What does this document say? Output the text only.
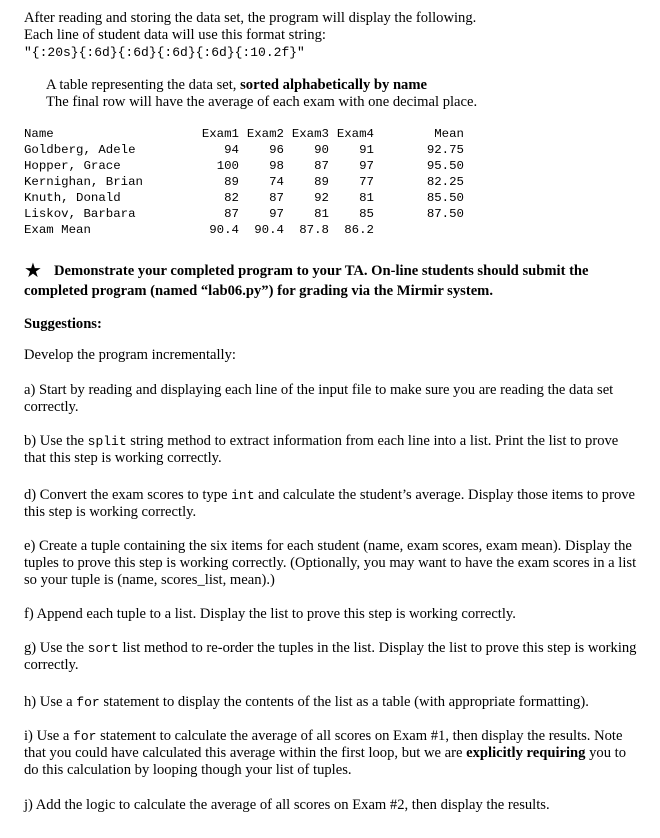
After reading and storing the data set, the program will display the following.
Each line of student data will use this format string:
"{:20s}{:6d}{:6d}{:6d}{:6d}{:10.2f}"
A table representing the data set, sorted alphabetically by name
The final row will have the average of each exam with one decimal place.
Name	Exam1	Exam2	Exam3	Exam4	Mean
Goldberg, Adele	94	96	90	91	92.75
Hopper, Grace	100	98	87	97	95.50
Kernighan, Brian	89	74	89	77	82.25
Knuth, Donald	82	87	92	81	85.50
Liskov, Barbara	87	97	81	85	87.50
Exam Mean	90.4	90.4	87.8	86.2	
★ Demonstrate your completed program to your TA. On-line students should submit the
completed program (named “lab06.py”) for grading via the Mirmir system.
Suggestions:
Develop the program incrementally:
a) Start by reading and displaying each line of the input file to make sure you are reading the data set correctly.
b) Use the split string method to extract information from each line into a list. Print the list to prove that this step is working correctly.
d) Convert the exam scores to type int and calculate the student’s average. Display those items to prove this step is working correctly.
e) Create a tuple containing the six items for each student (name, exam scores, exam mean). Display the tuples to prove this step is working correctly. (Optionally, you may want to have the exam scores in a list so your tuple is (name, scores_list, mean).)
f) Append each tuple to a list. Display the list to prove this step is working correctly.
g) Use the sort list method to re-order the tuples in the list. Display the list to prove this step is working correctly.
h) Use a for statement to display the contents of the list as a table (with appropriate formatting).
i) Use a for statement to calculate the average of all scores on Exam #1, then display the results. Note that you could have calculated this average within the first loop, but we are explicitly requiring you to do this calculation by looping though your list of tuples.
j) Add the logic to calculate the average of all scores on Exam #2, then display the results.
